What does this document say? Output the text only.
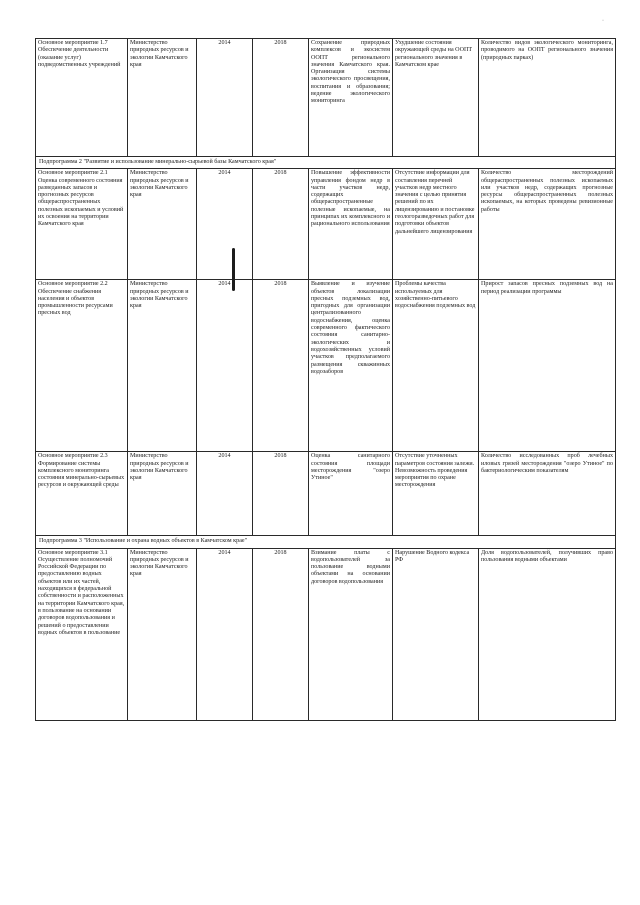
·
Основное мероприятие 1.7 Обеспечение деятельности (оказание услуг) подведомственных учреждений	Министерство природных ресурсов и экологии Камчатского края	2014	2018	Сохранение природных комплексов и экосистем ООПТ регионального значения Камчатского края. Организация системы экологического просвещения, воспитания и образования; ведение экологического мониторинга	Ухудшение состояния окружающей среды на ООПТ регионального значения в Камчатском крае	Количество видов экологического мониторинга, проводимого на ООПТ регионального значения (природных парках)
Подпрограмма 2 "Развитие и использование минерально-сырьевой базы Камчатского края"						
Основное мероприятие 2.1 Оценка современного состояния разведанных запасов и прогнозных ресурсов общераспространенных полезных ископаемых и условий их освоения на территории Камчатского края	Министерство природных ресурсов и экологии Камчатского края	2014	2018	Повышение эффективности управления фондом недр в части участков недр, содержащих общераспространенные полезные ископаемые, на принципах их комплексного и рационального использования	Отсутствие информации для составления перечней участков недр местного значения с целью принятия решений по их лицензированию и постановке геологоразведочных работ для подготовки объектов дальнейшего лицензирования	Количество месторождений общераспространенных полезных ископаемых или участков недр, содержащих прогнозные ресурсы общераспространенных полезных ископаемых, на которых проведены ревизионные работы
Основное мероприятие 2.2 Обеспечение снабжения населения и объектов промышленности ресурсами пресных вод	Министерство природных ресурсов и экологии Камчатского края	2014	2018	Выявление и изучение объектов локализации пресных подземных вод, пригодных для организации централизованного водоснабжения, оценка современного фактического состояния санитарно-экологических и водохозяйственных условий участков предполагаемого размещения скважинных водозаборов	Проблемы качества используемых для хозяйственно-питьевого водоснабжения подземных вод	Прирост запасов пресных подземных вод на период реализации программы
Основное мероприятие 2.3 Формирование системы комплексного мониторинга состояния минерально-сырьевых ресурсов и окружающей среды	Министерство природных ресурсов и экологии Камчатского края	2014	2018	Оценка санитарного состояния площади месторождения "озеро Утиное"	Отсутствие уточненных параметров состояния залежи. Невозможность проведения мероприятия по охране месторождения	Количество исследованных проб лечебных иловых грязей месторождения "озеро Утиное" по бактериологическим показателям
Подпрограмма 3 "Использование и охрана водных объектов в Камчатском крае"						
Основное мероприятие 3.1 Осуществление полномочий Российской Федерации по предоставлению водных объектов или их частей, находящихся в федеральной собственности и расположенных на территории Камчатского края, в пользование на основании договоров водопользования и решений о предоставлении водных объектов в пользование	Министерство природных ресурсов и экологии Камчатского края	2014	2018	Взимание платы с водопользователей за пользование водными объектами на основании договоров водопользования	Нарушение Водного кодекса РФ	Доля водопользователей, получивших право пользования водными объектами
